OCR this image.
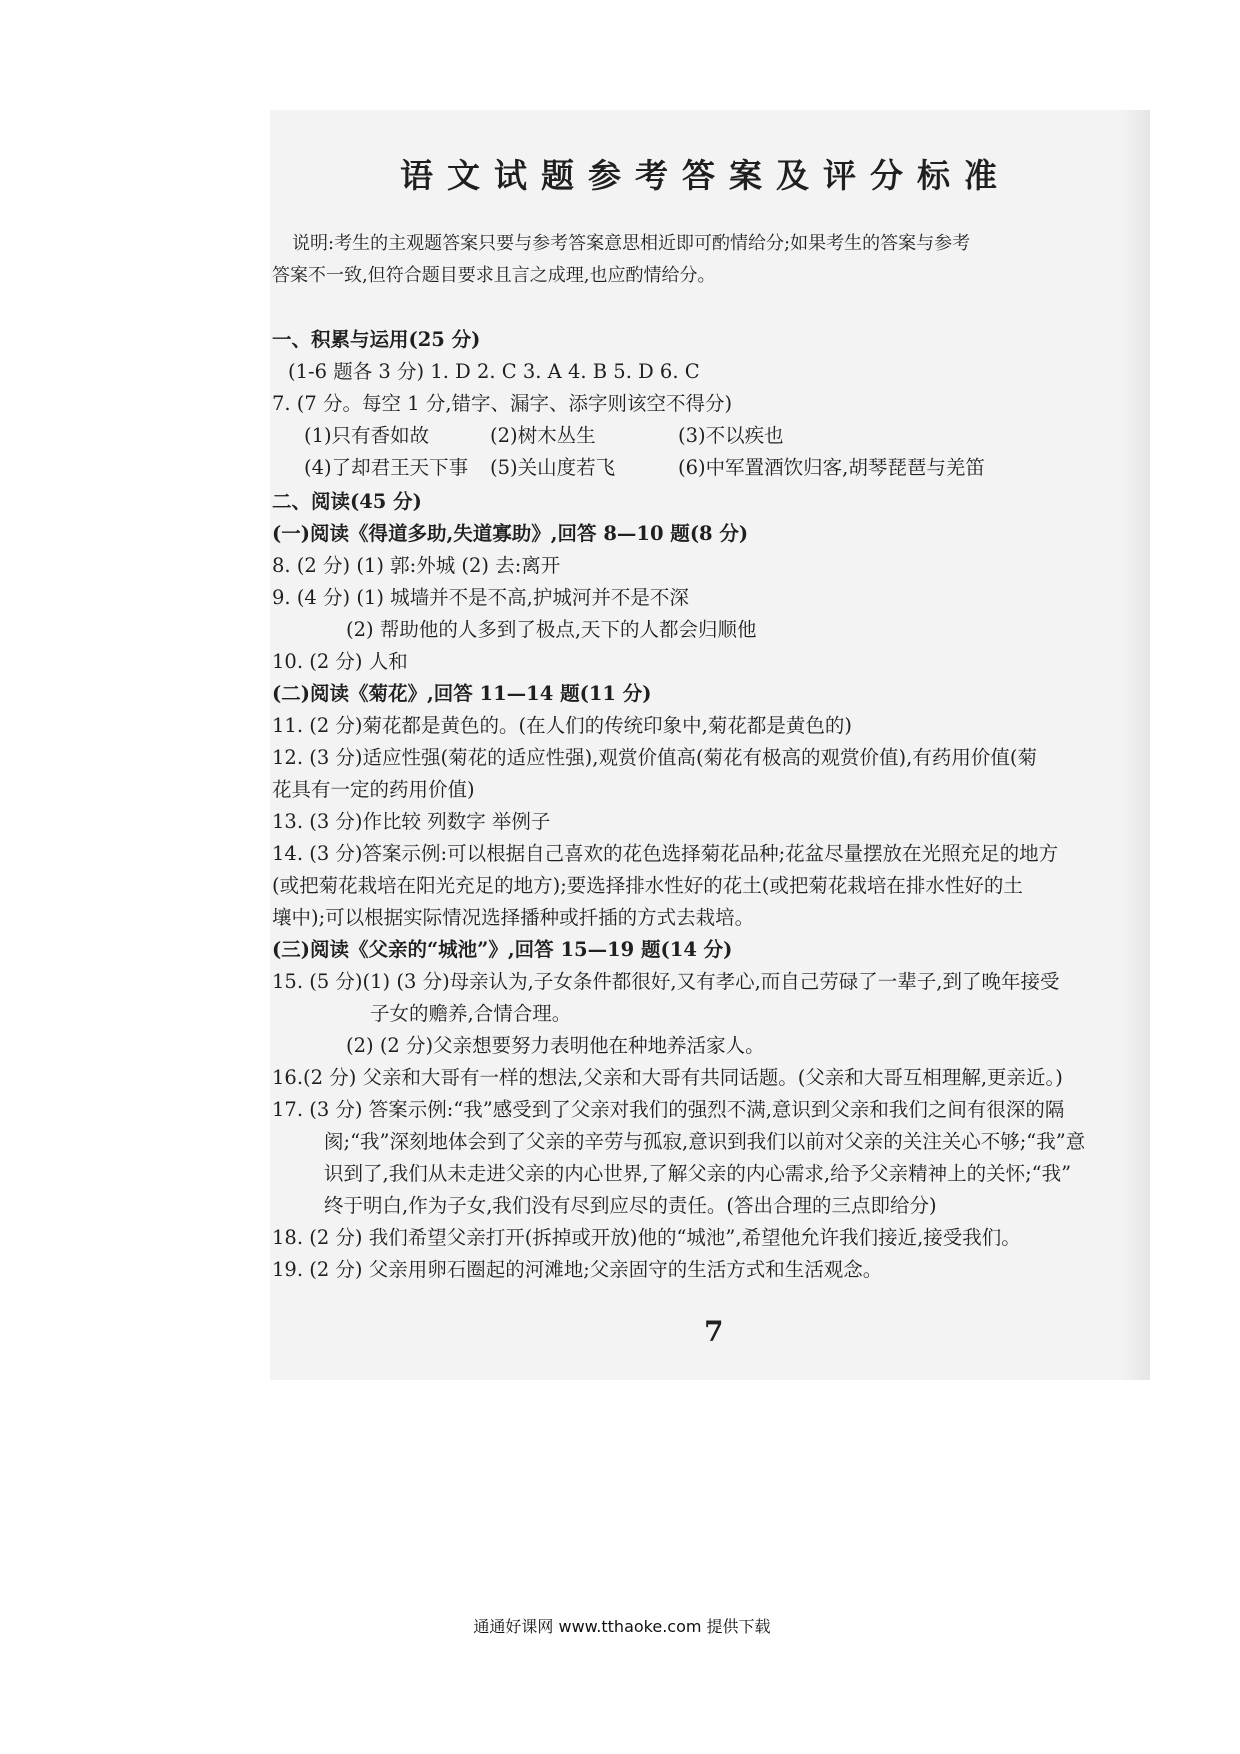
语文试题参考答案及评分标准
说明:考生的主观题答案只要与参考答案意思相近即可酌情给分;如果考生的答案与参考
答案不一致,但符合题目要求且言之成理,也应酌情给分。
一、积累与运用(25 分)
(1-6 题各 3 分) 1. D 2. C 3. A 4. B 5. D 6. C
7. (7 分。每空 1 分,错字、漏字、添字则该空不得分)
(1)只有香如故	(2)树木丛生	(3)不以疾也
(4)了却君王天下事 (5)关山度若飞	(6)中军置酒饮归客,胡琴琵琶与羌笛
二、阅读(45 分)
(一)阅读《得道多助,失道寡助》,回答 8—10 题(8 分)
8. (2 分) (1) 郭:外城 (2) 去:离开
9. (4 分) (1) 城墙并不是不高,护城河并不是不深
(2) 帮助他的人多到了极点,天下的人都会归顺他
10. (2 分) 人和
(二)阅读《菊花》,回答 11—14 题(11 分)
11. (2 分)菊花都是黄色的。(在人们的传统印象中,菊花都是黄色的)
12. (3 分)适应性强(菊花的适应性强),观赏价值高(菊花有极高的观赏价值),有药用价值(菊
花具有一定的药用价值)
13. (3 分)作比较 列数字 举例子
14. (3 分)答案示例:可以根据自己喜欢的花色选择菊花品种;花盆尽量摆放在光照充足的地方
(或把菊花栽培在阳光充足的地方);要选择排水性好的花土(或把菊花栽培在排水性好的土
壤中);可以根据实际情况选择播种或扦插的方式去栽培。
(三)阅读《父亲的“城池”》,回答 15—19 题(14 分)
15. (5 分)(1) (3 分)母亲认为,子女条件都很好,又有孝心,而自己劳碌了一辈子,到了晚年接受
子女的赡养,合情合理。
(2) (2 分)父亲想要努力表明他在种地养活家人。
16.(2 分) 父亲和大哥有一样的想法,父亲和大哥有共同话题。(父亲和大哥互相理解,更亲近。)
17. (3 分) 答案示例:“我”感受到了父亲对我们的强烈不满,意识到父亲和我们之间有很深的隔
阂;“我”深刻地体会到了父亲的辛劳与孤寂,意识到我们以前对父亲的关注关心不够;“我”意
识到了,我们从未走进父亲的内心世界,了解父亲的内心需求,给予父亲精神上的关怀;“我”
终于明白,作为子女,我们没有尽到应尽的责任。(答出合理的三点即给分)
18. (2 分) 我们希望父亲打开(拆掉或开放)他的“城池”,希望他允许我们接近,接受我们。
19. (2 分) 父亲用卵石圈起的河滩地;父亲固守的生活方式和生活观念。
7
通通好课网 www.tthaoke.com 提供下载
